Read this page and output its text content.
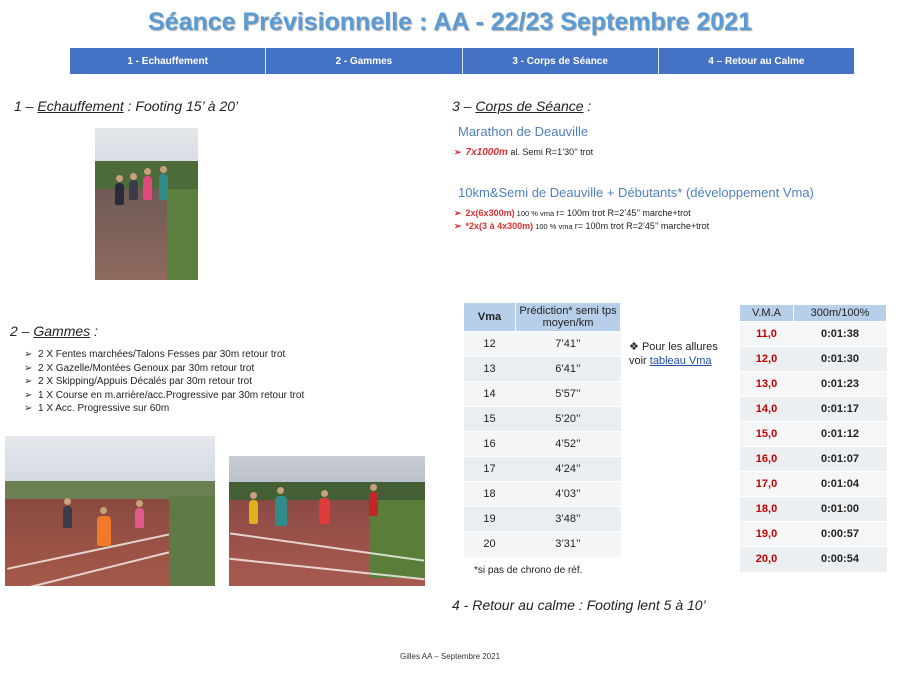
Séance Prévisionnelle : AA - 22/23 Septembre 2021
1 - Echauffement	2 - Gammes	3 - Corps de Séance	4 – Retour au Calme
1 – Echauffement : Footing 15’ à 20’
2 – Gammes :
➢ 2 X Fentes marchées/Talons Fesses par 30m retour trot
➢ 2 X Gazelle/Montées Genoux par 30m retour trot
➢ 2 X Skipping/Appuis Décalés par 30m retour trot
➢ 1 X Course en m.arrière/acc.Progressive par 30m retour trot
➢ 1 X Acc. Progressive sur 60m
3 – Corps de Séance :
Marathon de Deauville
➢ 7x1000m al. Semi R=1’30’’ trot
10km&Semi de Deauville + Débutants* (développement Vma)
➢ 2x(6x300m) 100 % vma r= 100m trot R=2’45’’ marche+trot
➢ *2x(3 à 4x300m) 100 % vma r= 100m trot R=2’45’’ marche+trot
Vma	Prédiction* semi tps moyen/km
12	7’41’’
13	6’41’’
14	5’57’’
15	5’20’’
16	4’52’’
17	4’24’’
18	4’03’’
19	3’48’’
20	3’31’’
*si pas de chrono de réf.
❖ Pour les allures
voir tableau Vma
V.M.A	300m/100%
11,0	0:01:38
12,0	0:01:30
13,0	0:01:23
14,0	0:01:17
15,0	0:01:12
16,0	0:01:07
17,0	0:01:04
18,0	0:01:00
19,0	0:00:57
20,0	0:00:54
4 - Retour au calme : Footing lent 5 à 10’
Gilles AA – Septembre 2021
